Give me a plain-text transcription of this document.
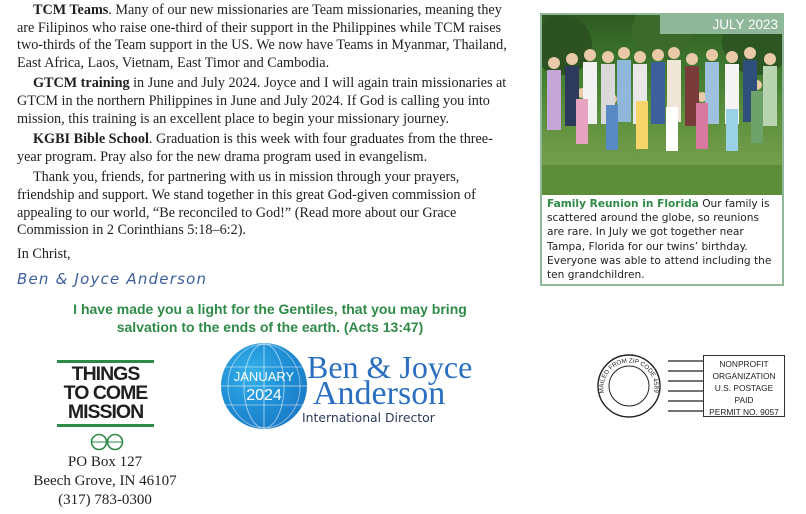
TCM Teams. Many of our new missionaries are Team missionaries, meaning they are Filipinos who raise one-third of their support in the Philippines while TCM raises two-thirds of the Team support in the US. We now have Teams in Myanmar, Thailand, East Africa, Laos, Vietnam, East Timor and Cambodia.

GTCM training in June and July 2024. Joyce and I will again train missionaries at GTCM in the northern Philippines in June and July 2024. If God is calling you into mission, this training is an excellent place to begin your missionary journey.

KGBI Bible School. Graduation is this week with four graduates from the three-year program. Pray also for the new drama program used in evangelism.

Thank you, friends, for partnering with us in mission through your prayers, friendship and support. We stand together in this great God-given commission of appealing to our world, “Be reconciled to God!” (Read more about our Grace Commission in 2 Corinthians 5:18–6:2).

In Christ,
Ben & Joyce Anderson
I have made you a light for the Gentiles, that you may bring salvation to the ends of the earth. (Acts 13:47)
JULY 2023
Family Reunion in Florida Our family is scattered around the globe, so reunions are rare. In July we got together near Tampa, Florida for our twins’ birthday. Everyone was able to attend including the ten grandchildren.
THINGS
TO COME
MISSION
PO Box 127
Beech Grove, IN 46107
(317) 783-0300
JANUARY
2024
Ben & Joyce
Anderson
International Director
MAILED FROM ZIP CODE 4589
NONPROFIT
ORGANIZATION
U.S. POSTAGE
PAID
PERMIT NO. 9057
